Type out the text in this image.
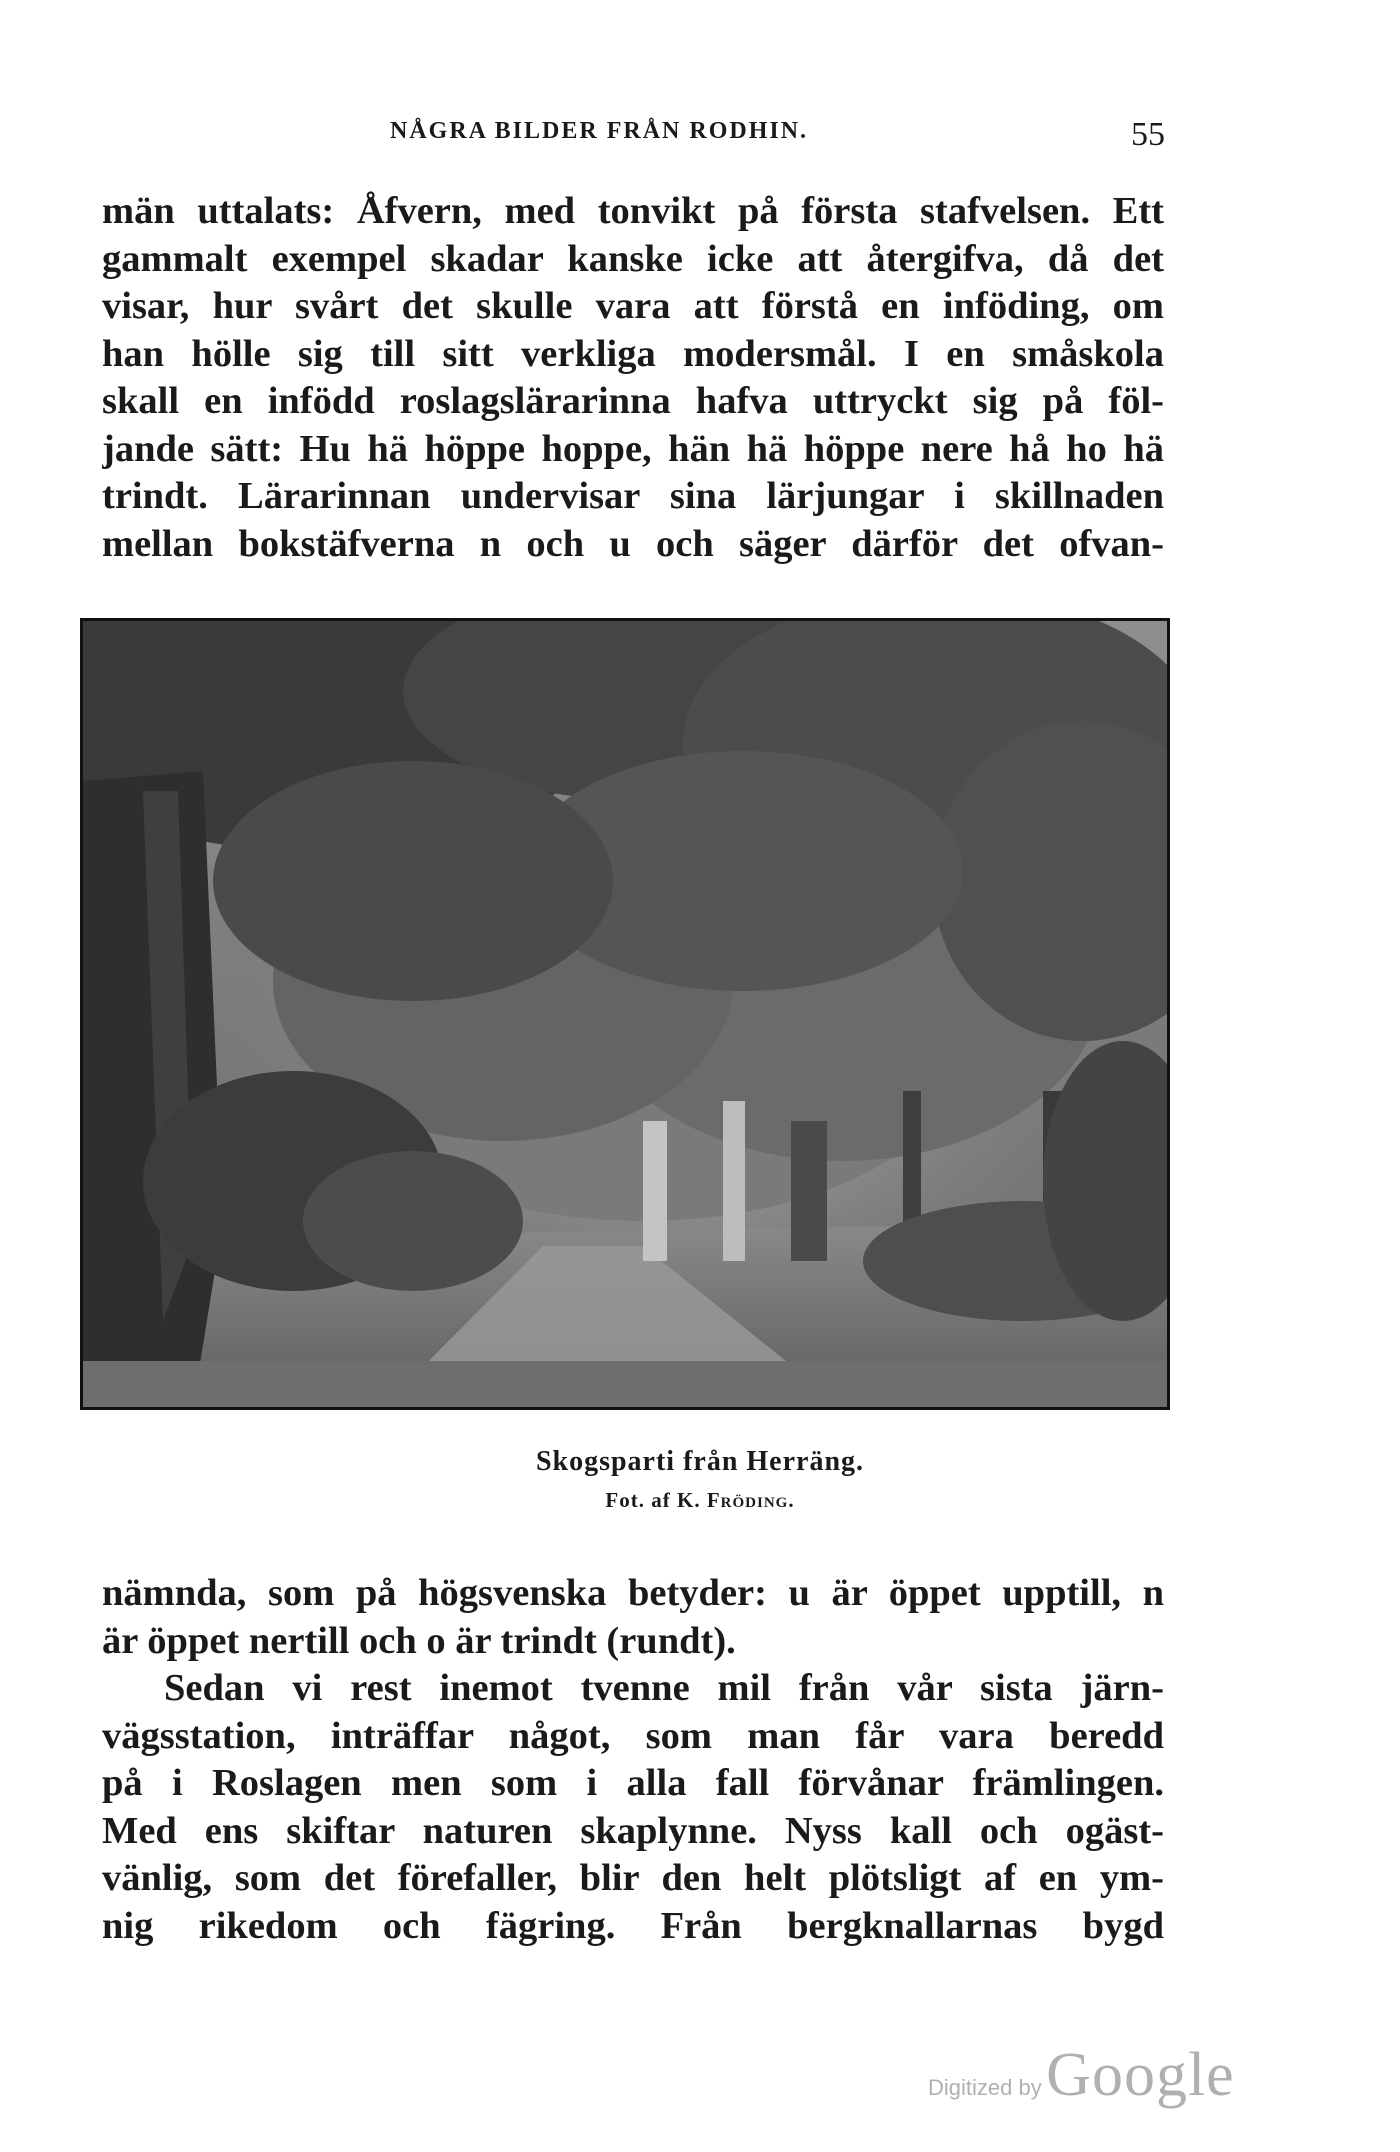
NÅGRA BILDER FRÅN RODHIN.	55
män uttalats: Åfvern, med tonvikt på första stafvelsen. Ett
gammalt exempel skadar kanske icke att återgifva, då det
visar, hur svårt det skulle vara att förstå en inföding, om
han hölle sig till sitt verkliga modersmål. I en småskola
skall en infödd roslagslärarinna hafva uttryckt sig på föl-
jande sätt: Hu hä höppe hoppe, hän hä höppe nere hå ho hä
trindt. Lärarinnan undervisar sina lärjungar i skillnaden
mellan bokstäfverna n och u och säger därför det ofvan-
Skogsparti från Herräng.
Fot. af K. Fröding.
nämnda, som på högsvenska betyder: u är öppet upptill, n
är öppet nertill och o är trindt (rundt).
Sedan vi rest inemot tvenne mil från vår sista järn-
vägsstation, inträffar något, som man får vara beredd
på i Roslagen men som i alla fall förvånar främlingen.
Med ens skiftar naturen skaplynne. Nyss kall och ogäst-
vänlig, som det förefaller, blir den helt plötsligt af en ym-
nig rikedom och fägring. Från bergknallarnas bygd
Digitized by Google
